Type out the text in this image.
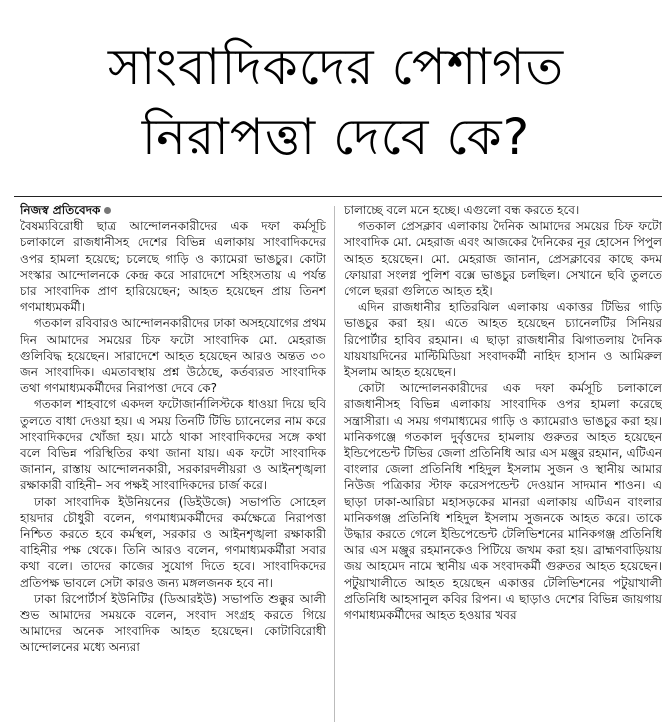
সাংবাদিকদের পেশাগত
নিরাপত্তা দেবে কে?
নিজস্ব প্রতিবেদক

বৈষম্যবিরোধী ছাত্র আন্দোলনকারীদের এক দফা কর্মসূচি চলাকালে রাজধানীসহ দেশের বিভিন্ন এলাকায় সাংবাদিকদের ওপর হামলা হয়েছে; চলেছে গাড়ি ও ক্যামেরা ভাঙচুর। কোটা সংস্কার আন্দোলনকে কেন্দ্র করে সারাদেশে সহিংসতায় এ পর্যন্ত চার সাংবাদিক প্রাণ হারিয়েছেন; আহত হয়েছেন প্রায় তিনশ গণমাধ্যমকর্মী।

গতকাল রবিবারও আন্দোলনকারীদের ঢাকা অসহযোগের প্রথম দিন আমাদের সময়ের চিফ ফটো সাংবাদিক মো. মেহরাজ গুলিবিদ্ধ হয়েছেন। সারাদেশে আহত হয়েছেন আরও অন্তত ৩০ জন সাংবাদিক। এমতাবস্থায় প্রশ্ন উঠেছে, কর্তব্যরত সাংবাদিক তথা গণমাধ্যমকর্মীদের নিরাপত্তা দেবে কে?

গতকাল শাহবাগে একদল ফটোজার্নালিস্টকে ধাওয়া দিয়ে ছবি তুলতে বাধা দেওয়া হয়। এ সময় তিনটি টিভি চ্যানেলের নাম করে সাংবাদিকদের খোঁজা হয়। মাঠে থাকা সাংবাদিকদের সঙ্গে কথা বলে বিভিন্ন পরিস্থিতির কথা জানা যায়। এক ফটো সাংবাদিক জানান, রাস্তায় আন্দোলনকারী, সরকারদলীয়রা ও আইনশৃঙ্খলা রক্ষাকারী বাহিনী– সব পক্ষই সাংবাদিকদের চার্জ করে।

ঢাকা সাংবাদিক ইউনিয়নের (ডিইউজে) সভাপতি সোহেল হায়দার চৌধুরী বলেন, গণমাধ্যমকর্মীদের কর্মক্ষেত্রে নিরাপত্তা নিশ্চিত করতে হবে কর্মস্থল, সরকার ও আইনশৃঙ্খলা রক্ষাকারী বাহিনীর পক্ষ থেকে। তিনি আরও বলেন, গণমাধ্যমকর্মীরা সবার কথা বলে। তাদের কাজের সুযোগ দিতে হবে। সাংবাদিকদের প্রতিপক্ষ ভাবলে সেটা কারও জন্য মঙ্গলজনক হবে না।

ঢাকা রিপোর্টার্স ইউনিটির (ডিআরইউ) সভাপতি শুক্কুর আলী শুভ আমাদের সময়কে বলেন, সংবাদ সংগ্রহ করতে গিয়ে আমাদের অনেক সাংবাদিক আহত হয়েছেন। কোটাবিরোধী আন্দোলনের মধ্যে অন্যরা

চালাচ্ছে বলে মনে হচ্ছে। এগুলো বন্ধ করতে হবে।

গতকাল প্রেসক্লাব এলাকায় দৈনিক আমাদের সময়ের চিফ ফটো সাংবাদিক মো. মেহরাজ এবং আজকের দৈনিকের নূর হোসেন পিপুল আহত হয়েছেন। মো. মেহরাজ জানান, প্রেসক্লাবের কাছে কদম ফোয়ারা সংলগ্ন পুলিশ বক্সে ভাঙচুর চলছিল। সেখানে ছবি তুলতে গেলে ছররা গুলিতে আহত হই।

এদিন রাজধানীর হাতিরঝিল এলাকায় একাত্তর টিভির গাড়ি ভাঙচুর করা হয়। এতে আহত হয়েছেন চ্যানেলটির সিনিয়র রিপোর্টার হাবিব রহমান। এ ছাড়া রাজধানীর ঝিগাতলায় দৈনিক যায়যায়দিনের মাল্টিমিডিয়া সংবাদকর্মী নাহিদ হাসান ও আমিরুল ইসলাম আহত হয়েছেন।

কোটা আন্দোলনকারীদের এক দফা কর্মসূচি চলাকালে রাজধানীসহ বিভিন্ন এলাকায় সাংবাদিক ওপর হামলা করেছে সন্ত্রাসীরা। এ সময় গণমাধ্যমের গাড়ি ও ক্যামেরাও ভাঙচুর করা হয়। মানিকগঞ্জে গতকাল দুর্বৃত্তদের হামলায় গুরুতর আহত হয়েছেন ইন্ডিপেন্ডেন্ট টিভির জেলা প্রতিনিধি আর এস মঞ্জুর রহমান, এটিএন বাংলার জেলা প্রতিনিধি শহিদুল ইসলাম সুজন ও স্থানীয় আমার নিউজ পত্রিকার স্টাফ করেসপন্ডেন্ট দেওয়ান সাদমান শাওন। এ ছাড়া ঢাকা-আরিচা মহাসড়কের মানরা এলাকায় এটিএন বাংলার মানিকগঞ্জ প্রতিনিধি শহিদুল ইসলাম সুজনকে আহত করে। তাকে উদ্ধার করতে গেলে ইন্ডিপেন্ডেন্ট টেলিভিশনের মানিকগঞ্জ প্রতিনিধি আর এস মঞ্জুর রহমানকেও পিটিয়ে জখম করা হয়। ব্রাহ্মণবাড়িয়ায় জয় আহমেদ নামে স্থানীয় এক সংবাদকর্মী গুরুতর আহত হয়েছেন। পটুয়াখালীতে আহত হয়েছেন একাত্তর টেলিভিশনের পটুয়াখালী প্রতিনিধি আহসানুল কবির রিপন। এ ছাড়াও দেশের বিভিন্ন জায়গায় গণমাধ্যমকর্মীদের আহত হওয়ার খবর
